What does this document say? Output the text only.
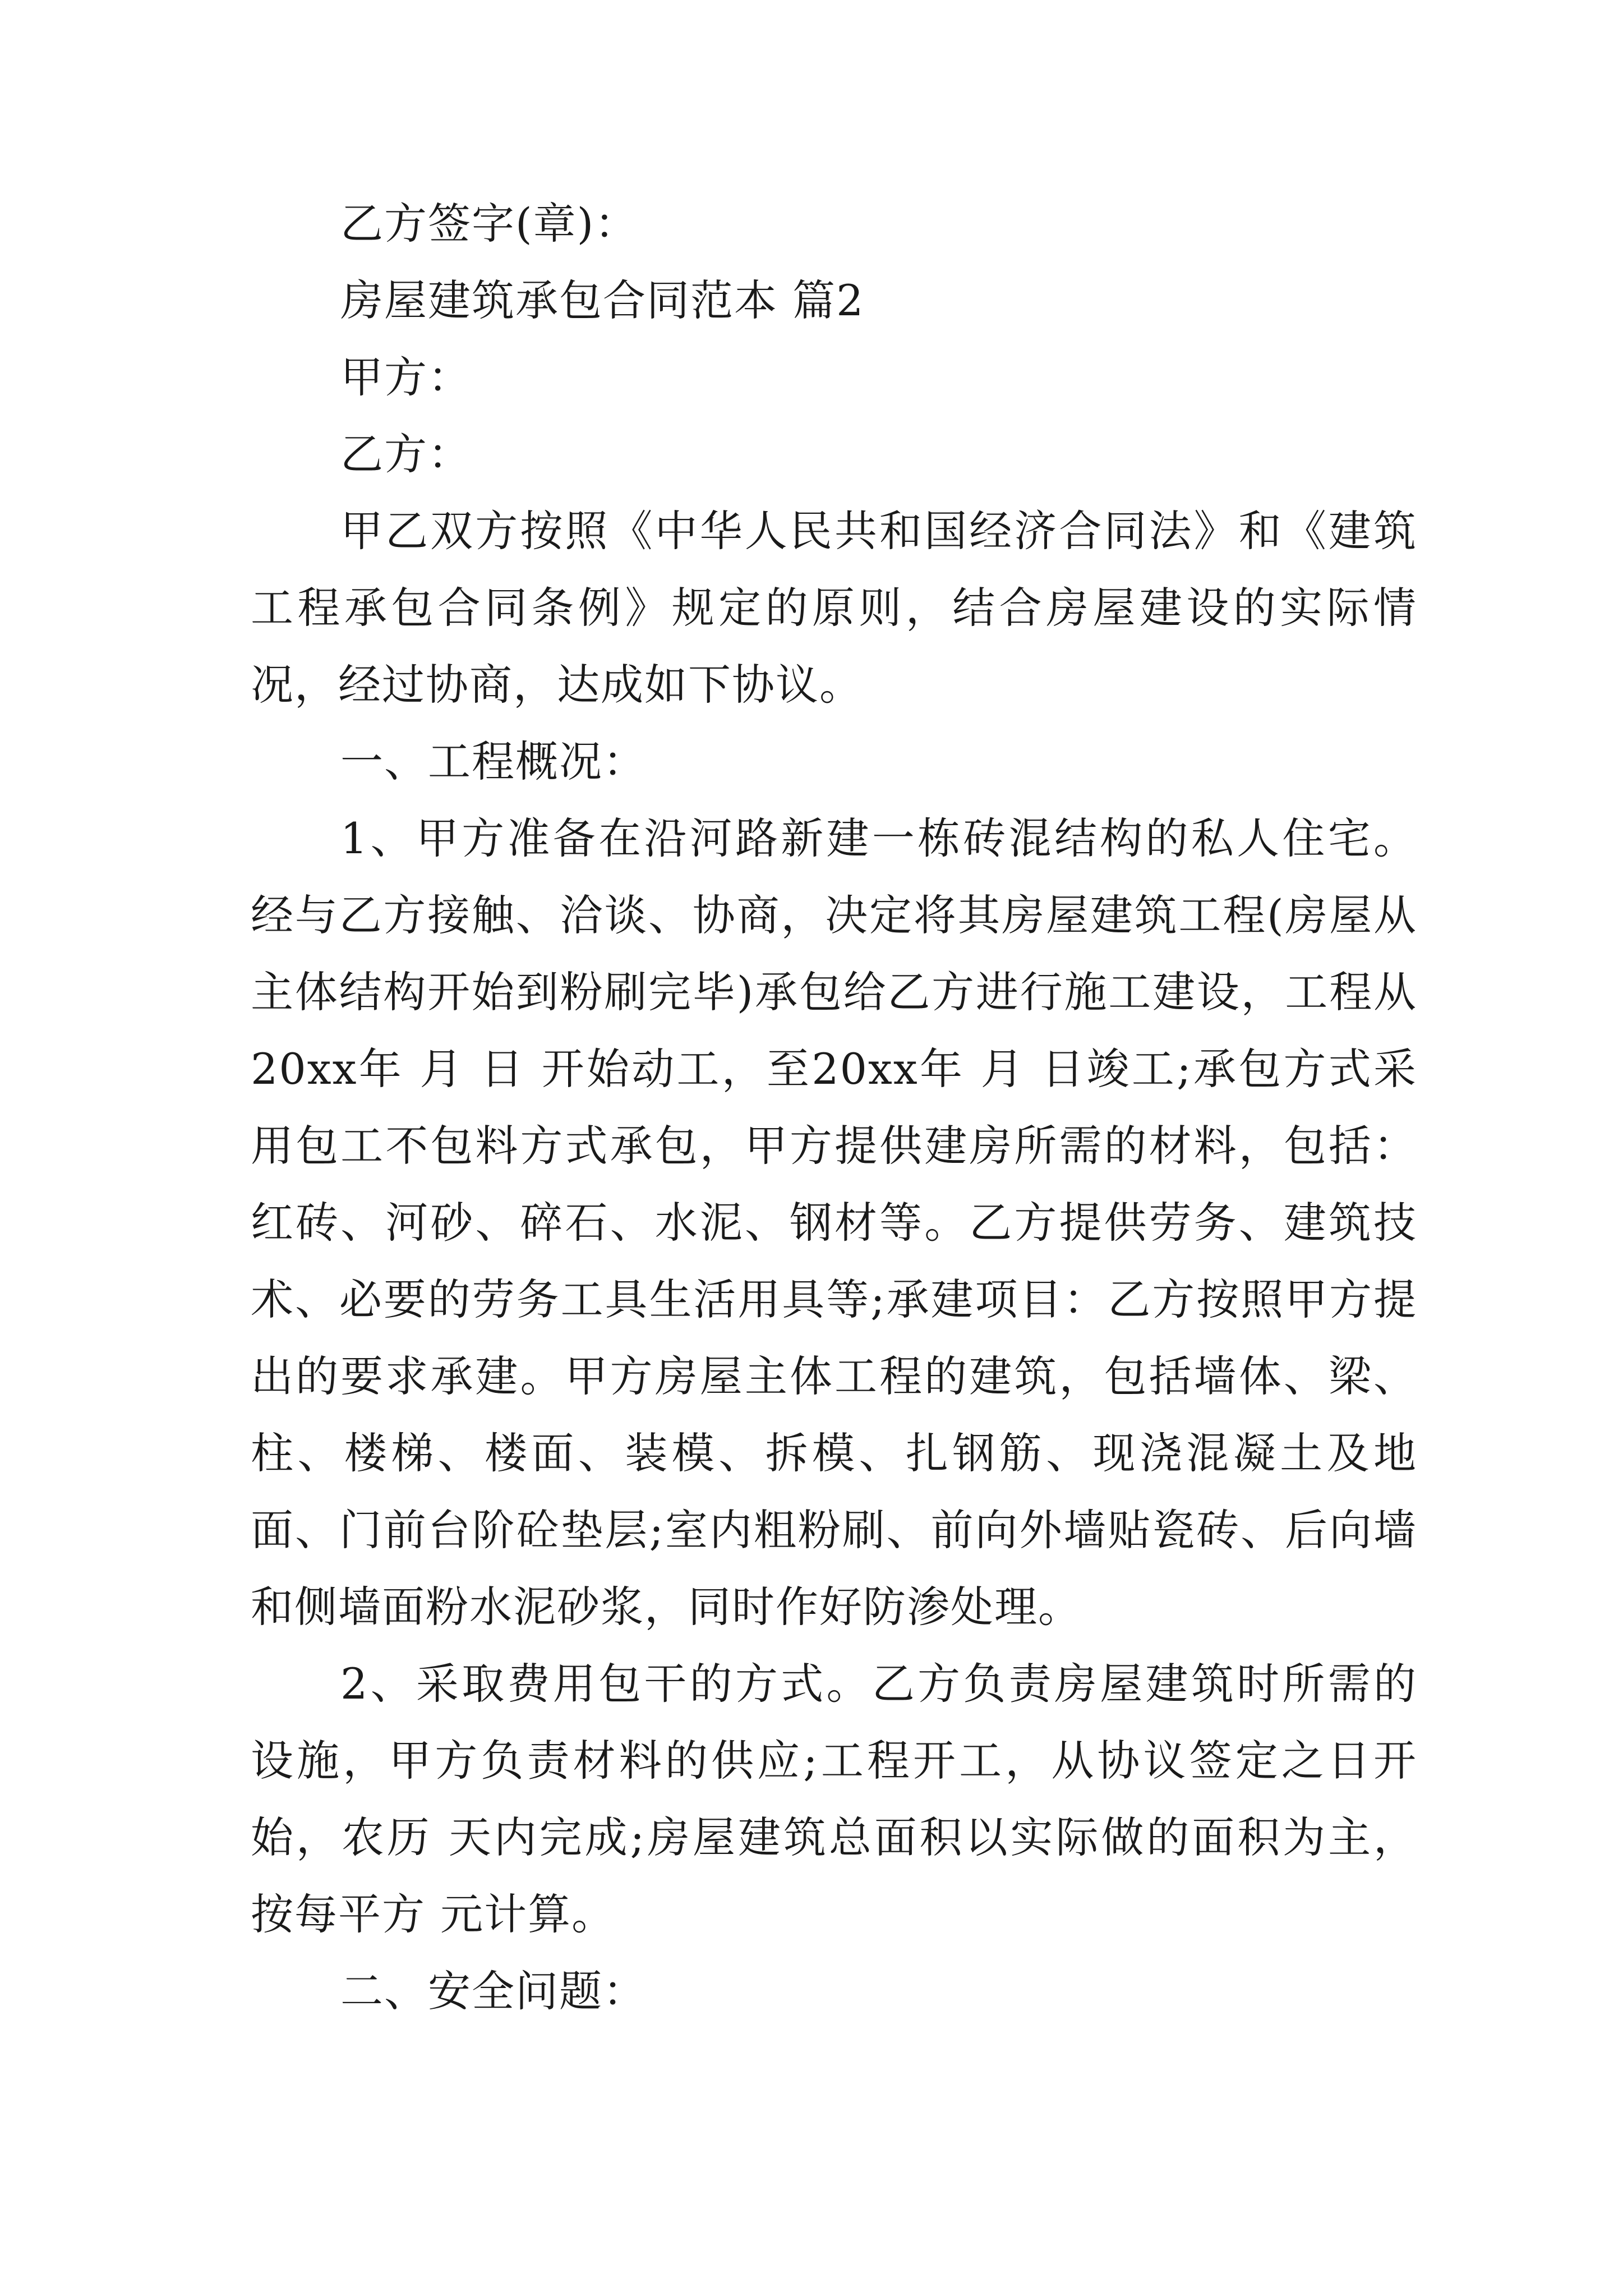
乙方签字(章)：

房屋建筑承包合同范本 篇2

甲方：

乙方：

甲乙双方按照《中华人民共和国经济合同法》和《建筑工程承包合同条例》规定的原则，结合房屋建设的实际情况，经过协商，达成如下协议。

一、工程概况：

1、甲方准备在沿河路新建一栋砖混结构的私人住宅。经与乙方接触、洽谈、协商，决定将其房屋建筑工程(房屋从主体结构开始到粉刷完毕)承包给乙方进行施工建设，工程从20xx年 月 日 开始动工，至20xx年 月 日竣工;承包方式采用包工不包料方式承包，甲方提供建房所需的材料，包括：红砖、河砂、碎石、水泥、钢材等。乙方提供劳务、建筑技术、必要的劳务工具生活用具等;承建项目：乙方按照甲方提出的要求承建。甲方房屋主体工程的建筑，包括墙体、梁、柱、楼梯、楼面、装模、拆模、扎钢筋、现浇混凝土及地面、门前台阶砼垫层;室内粗粉刷、前向外墙贴瓷砖、后向墙和侧墙面粉水泥砂浆，同时作好防渗处理。

2、采取费用包干的方式。乙方负责房屋建筑时所需的设施，甲方负责材料的供应;工程开工，从协议签定之日开始，农历 天内完成;房屋建筑总面积以实际做的面积为主，按每平方 元计算。

二、安全问题：
